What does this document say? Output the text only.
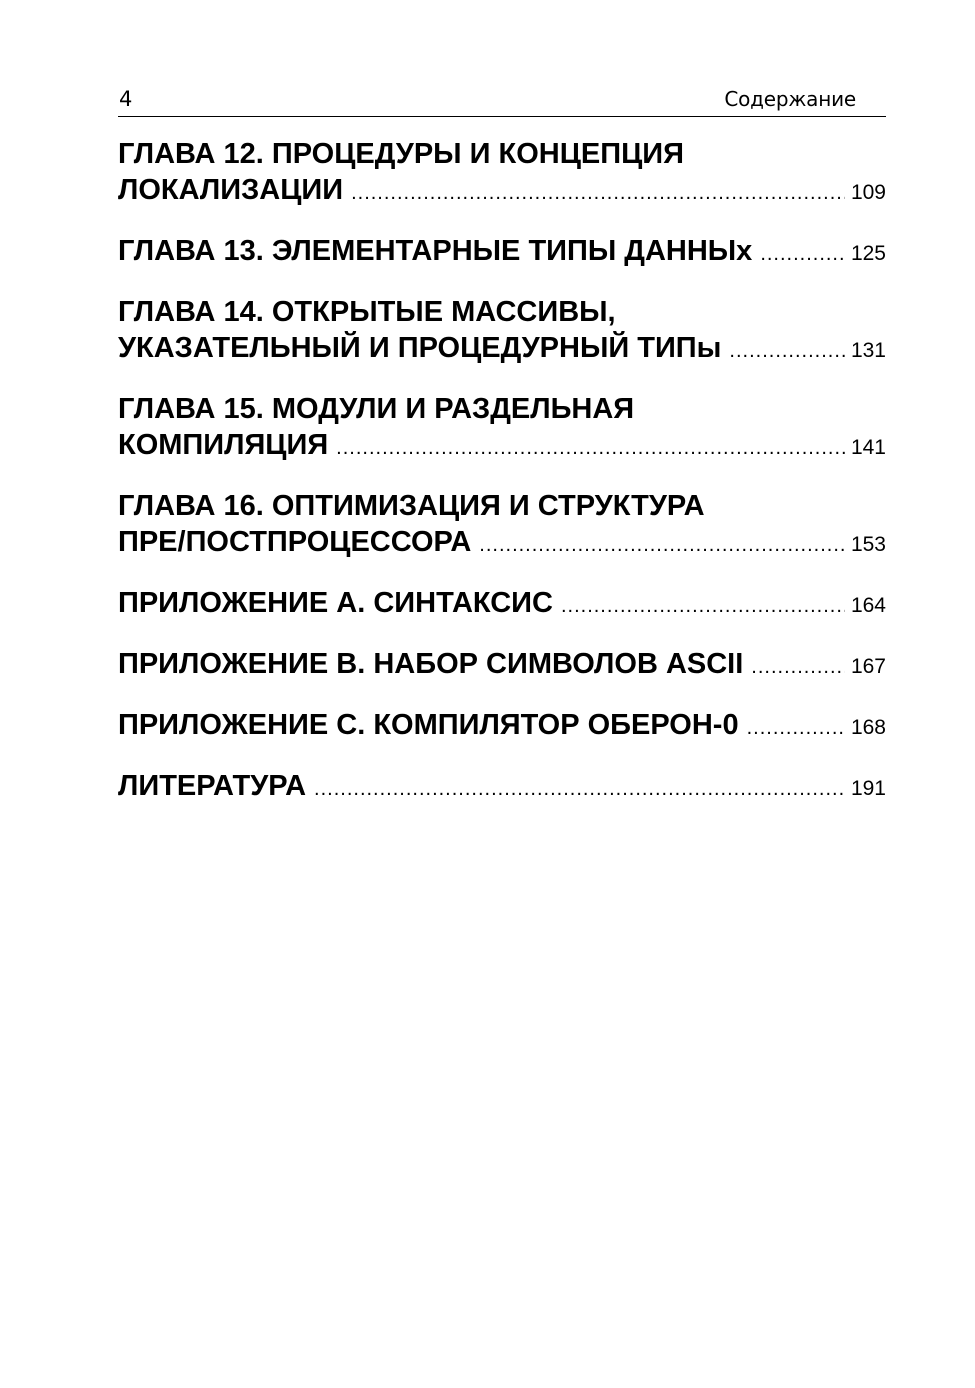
4	Содержание
ГЛАВА 12. ПРОЦЕДУРЫ И КОНЦЕПЦИЯ
ЛОКАЛИЗАЦИИ .....	109
ГЛАВА 13. ЭЛЕМЕНТАРНЫЕ ТИПЫ ДАННЫx .....	125
ГЛАВА 14. ОТКРЫТЫЕ МАССИВЫ,
УКАЗАТЕЛЬНЫЙ И ПРОЦЕДУРНЫЙ ТИПы .....	131
ГЛАВА 15. МОДУЛИ И РАЗДЕЛЬНАЯ
КОМПИЛЯЦИЯ .....	141
ГЛАВА 16. ОПТИМИЗАЦИЯ И СТРУКТУРА
ПРЕ/ПОСТПРОЦЕССОРА .....	153
ПРИЛОЖЕНИЕ A. СИНТАКСИС .....	164
ПРИЛОЖЕНИЕ B. НАБОР СИМВОЛОВ ASCII .....	167
ПРИЛОЖЕНИЕ C. КОМПИЛЯТОР ОБЕРОН-0 .....	168
ЛИТЕРАТУРА .....	191
